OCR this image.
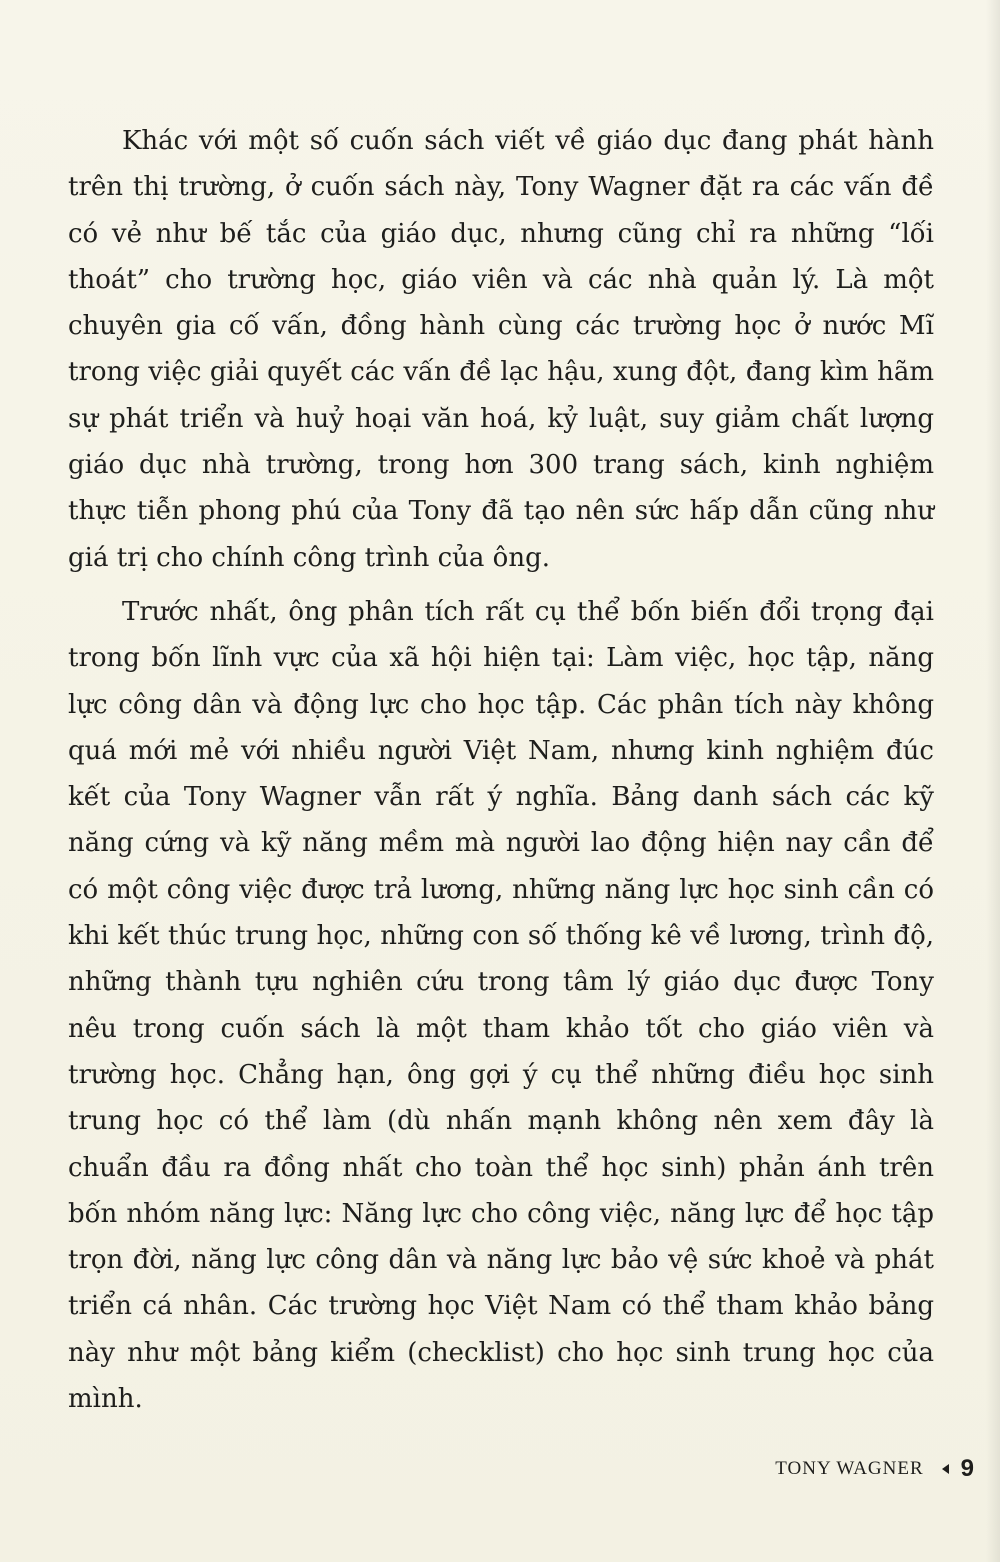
Khác với một số cuốn sách viết về giáo dục đang phát hành trên thị trường, ở cuốn sách này, Tony Wagner đặt ra các vấn đề có vẻ như bế tắc của giáo dục, nhưng cũng chỉ ra những “lối thoát” cho trường học, giáo viên và các nhà quản lý. Là một chuyên gia cố vấn, đồng hành cùng các trường học ở nước Mĩ trong việc giải quyết các vấn đề lạc hậu, xung đột, đang kìm hãm sự phát triển và huỷ hoại văn hoá, kỷ luật, suy giảm chất lượng giáo dục nhà trường, trong hơn 300 trang sách, kinh nghiệm thực tiễn phong phú của Tony đã tạo nên sức hấp dẫn cũng như giá trị cho chính công trình của ông.

Trước nhất, ông phân tích rất cụ thể bốn biến đổi trọng đại trong bốn lĩnh vực của xã hội hiện tại: Làm việc, học tập, năng lực công dân và động lực cho học tập. Các phân tích này không quá mới mẻ với nhiều người Việt Nam, nhưng kinh nghiệm đúc kết của Tony Wagner vẫn rất ý nghĩa. Bảng danh sách các kỹ năng cứng và kỹ năng mềm mà người lao động hiện nay cần để có một công việc được trả lương, những năng lực học sinh cần có khi kết thúc trung học, những con số thống kê về lương, trình độ, những thành tựu nghiên cứu trong tâm lý giáo dục được Tony nêu trong cuốn sách là một tham khảo tốt cho giáo viên và trường học. Chẳng hạn, ông gợi ý cụ thể những điều học sinh trung học có thể làm (dù nhấn mạnh không nên xem đây là chuẩn đầu ra đồng nhất cho toàn thể học sinh) phản ánh trên bốn nhóm năng lực: Năng lực cho công việc, năng lực để học tập trọn đời, năng lực công dân và năng lực bảo vệ sức khoẻ và phát triển cá nhân. Các trường học Việt Nam có thể tham khảo bảng này như một bảng kiểm (checklist) cho học sinh trung học của mình.

TONY WAGNER 9
